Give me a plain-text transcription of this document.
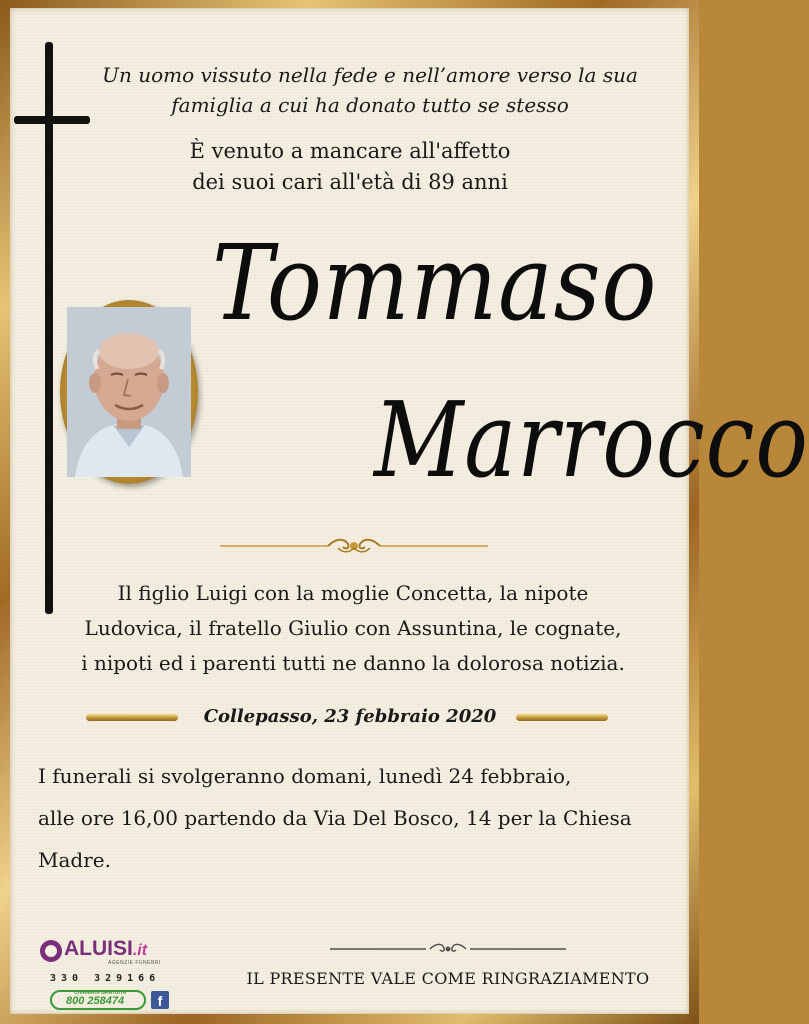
Un uomo vissuto nella fede e nell’amore verso la sua
famiglia a cui ha donato tutto se stesso
È venuto a mancare all'affetto
dei suoi cari all'età di 89 anni
Tommaso
Marrocco
Il figlio Luigi con la moglie Concetta, la nipote
Ludovica, il fratello Giulio con Assuntina, le cognate,
i nipoti ed i parenti tutti ne danno la dolorosa notizia.
Collepasso, 23 febbraio 2020
I funerali si svolgeranno domani, lunedì 24 febbraio,
alle ore 16,00 partendo da Via Del Bosco, 14 per la Chiesa
Madre.
ALUISI.it
AGENZIE FUNEBRI
330 329166
CHIAMATA GRATUITA
800 258474	f
IL PRESENTE VALE COME RINGRAZIAMENTO
